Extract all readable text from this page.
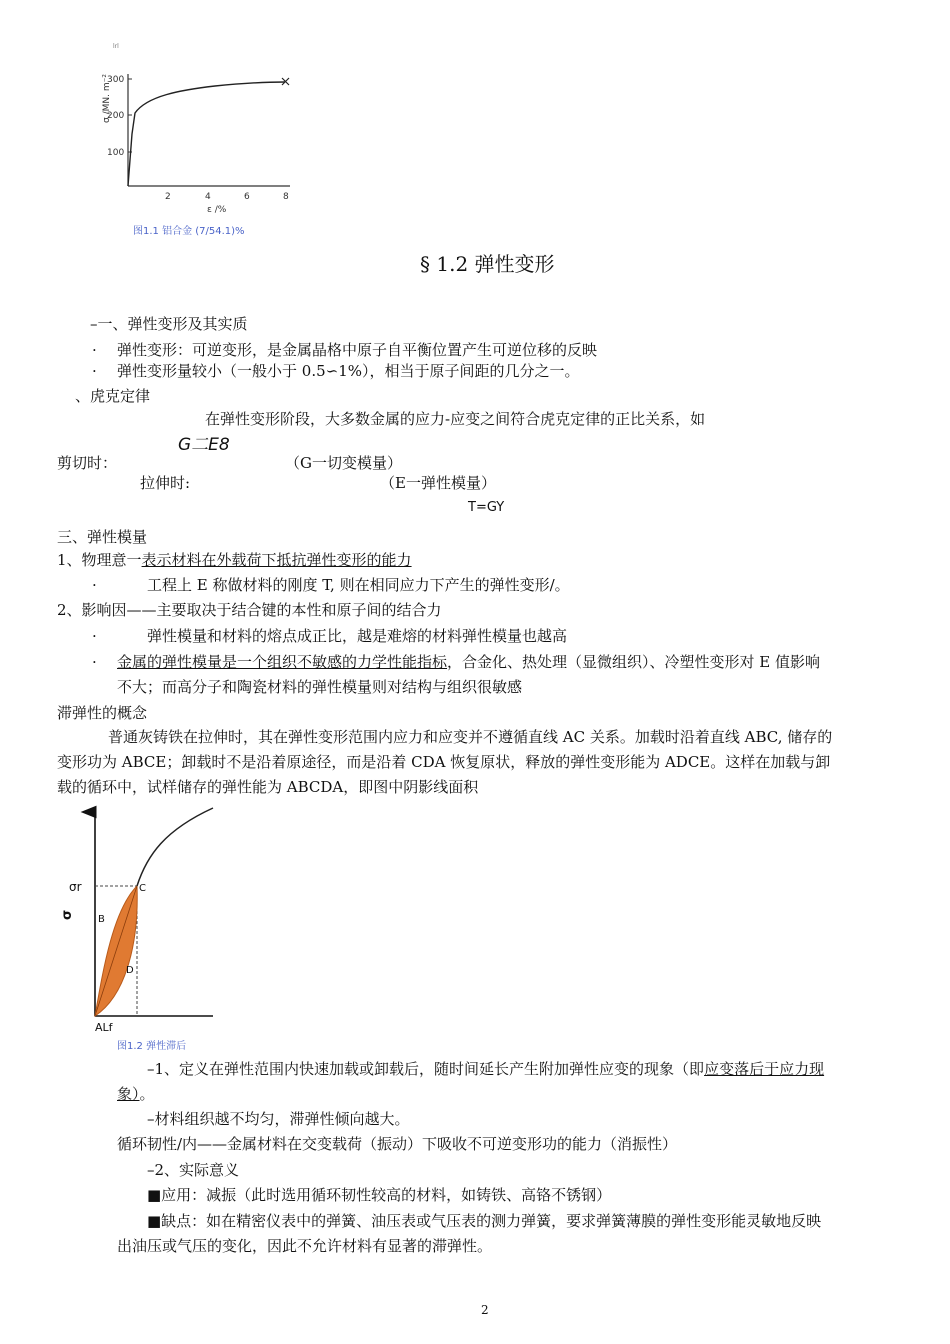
lrl
σ /MN. m⁻²
100
200
300
2	4	6	8
ε /%
图1.1 铝合金 (7/54.1)%
§ 1.2 弹性变形
–一、弹性变形及其实质
· 弹性变形：可逆变形，是金属晶格中原子自平衡位置产生可逆位移的反映
· 弹性变形量较小（一般小于 0.5∽1%），相当于原子间距的几分之一。
、虎克定律
在弹性变形阶段，大多数金属的应力-应变之间符合虎克定律的正比关系，如
G二E8
剪切时：	（G一切变模量）
拉伸时:	（E一弹性模量）
T=GY
三、弹性模量
1、物理意一表示材料在外载荷下抵抗弹性变形的能力
·	工程上 E 称做材料的刚度 T, 则在相同应力下产生的弹性变形/。
2、影响因——主要取决于结合键的本性和原子间的结合力
·	弹性模量和材料的熔点成正比，越是难熔的材料弹性模量也越高
· 金属的弹性模量是一个组织不敏感的力学性能指标，合金化、热处理（显微组织）、冷塑性变形对 E 值影响
不大；而高分子和陶瓷材料的弹性模量则对结构与组织很敏感
滞弹性的概念
普通灰铸铁在拉伸时，其在弹性变形范围内应力和应变并不遵循直线 AC 关系。加载时沿着直线 ABC, 储存的
变形功为 ABCE；卸载时不是沿着原途径，而是沿着 CDA 恢复原状，释放的弹性变形能为 ADCE。这样在加载与卸
载的循环中，试样储存的弹性能为 ABCDA，即图中阴影线面积
σ
σr	C
B
D
ALf
图1.2 弹性滞后
–1、定义在弹性范围内快速加载或卸载后，随时间延长产生附加弹性应变的现象（即应变落后于应力现
象）。
–材料组织越不均匀，滞弹性倾向越大。
循环韧性/内——金属材料在交变载荷（振动）下吸收不可逆变形功的能力（消振性）
–2、实际意义
■应用：减振（此时选用循环韧性较高的材料，如铸铁、高铬不锈钢）
■缺点：如在精密仪表中的弹簧、油压表或气压表的测力弹簧，要求弹簧薄膜的弹性变形能灵敏地反映
出油压或气压的变化，因此不允许材料有显著的滞弹性。
2
